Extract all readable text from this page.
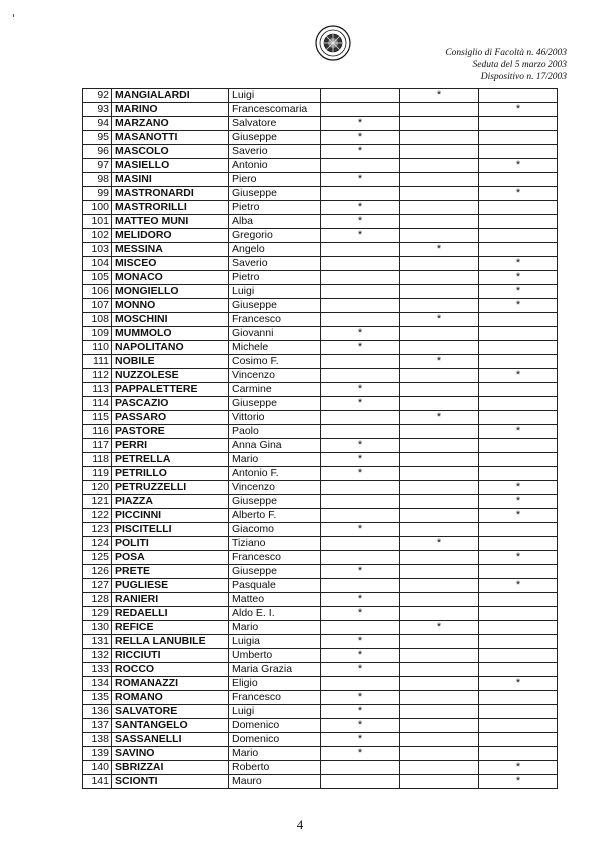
Consiglio di Facoltà n. 46/2003
Seduta del 5 marzo 2003
Dispositivo n. 17/2003
92	MANGIALARDI	Luigi		*	
93	MARINO	Francescomaria			*
94	MARZANO	Salvatore	*		
95	MASANOTTI	Giuseppe	*		
96	MASCOLO	Saverio	*		
97	MASIELLO	Antonio			*
98	MASINI	Piero	*		
99	MASTRONARDI	Giuseppe			*
100	MASTRORILLI	Pietro	*		
101	MATTEO MUNI	Alba	*		
102	MELIDORO	Gregorio	*		
103	MESSINA	Angelo		*	
104	MISCEO	Saverio			*
105	MONACO	Pietro			*
106	MONGIELLO	Luigi			*
107	MONNO	Giuseppe			*
108	MOSCHINI	Francesco		*	
109	MUMMOLO	Giovanni	*		
110	NAPOLITANO	Michele	*		
111	NOBILE	Cosimo F.		*	
112	NUZZOLESE	Vincenzo			*
113	PAPPALETTERE	Carmine	*		
114	PASCAZIO	Giuseppe	*		
115	PASSARO	Vittorio		*	
116	PASTORE	Paolo			*
117	PERRI	Anna Gina	*		
118	PETRELLA	Mario	*		
119	PETRILLO	Antonio F.	*		
120	PETRUZZELLI	Vincenzo			*
121	PIAZZA	Giuseppe			*
122	PICCINNI	Alberto F.			*
123	PISCITELLI	Giacomo	*		
124	POLITI	Tiziano		*	
125	POSA	Francesco			*
126	PRETE	Giuseppe	*		
127	PUGLIESE	Pasquale			*
128	RANIERI	Matteo	*		
129	REDAELLI	Aldo E. I.	*		
130	REFICE	Mario		*	
131	RELLA LANUBILE	Luigia	*		
132	RICCIUTI	Umberto	*		
133	ROCCO	Maria Grazia	*		
134	ROMANAZZI	Eligio			*
135	ROMANO	Francesco	*		
136	SALVATORE	Luigi	*		
137	SANTANGELO	Domenico	*		
138	SASSANELLI	Domenico	*		
139	SAVINO	Mario	*		
140	SBRIZZAI	Roberto			*
141	SCIONTI	Mauro			*
4
